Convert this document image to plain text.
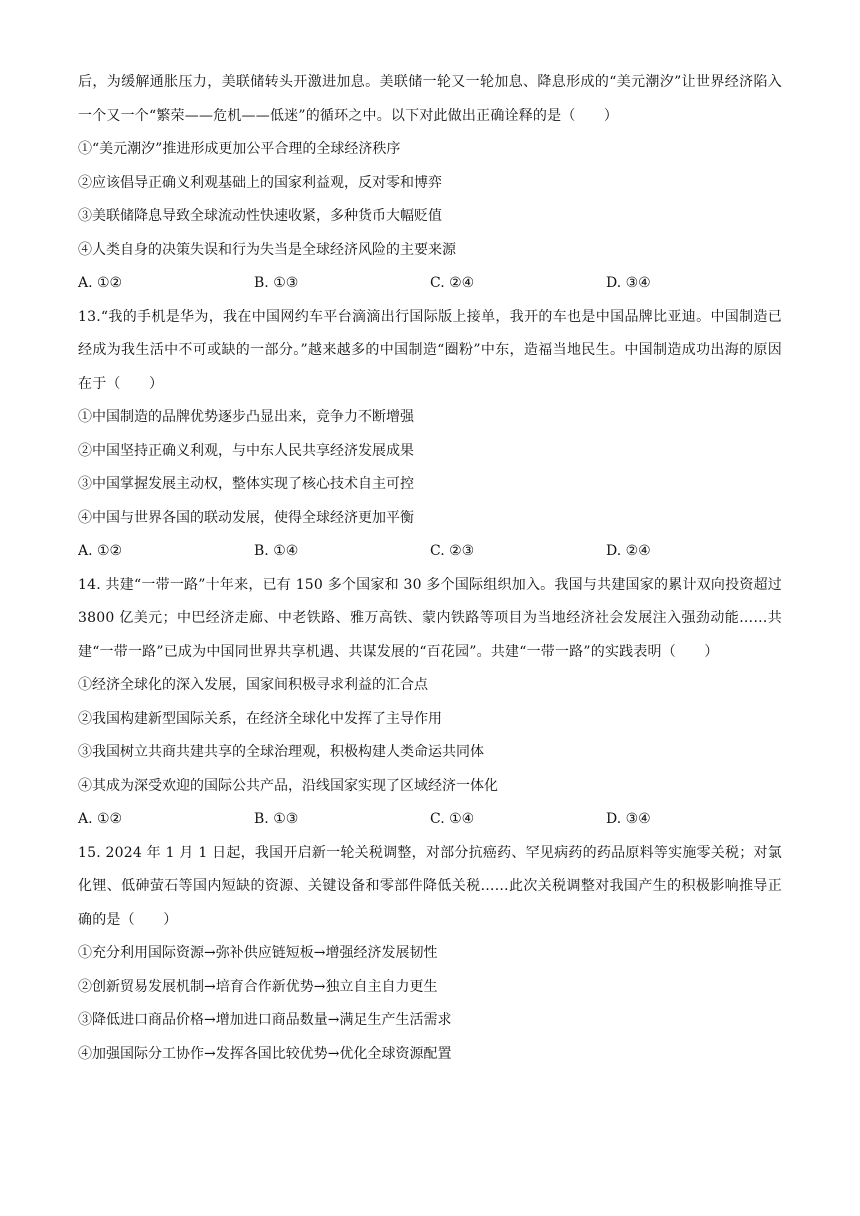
后，为缓解通胀压力，美联储转头开激进加息。美联储一轮又一轮加息、降息形成的“美元潮汐”让世界经济陷入一个又一个“繁荣——危机——低迷”的循环之中。以下对此做出正确诠释的是（　　）

①“美元潮汐”推进形成更加公平合理的全球经济秩序

②应该倡导正确义利观基础上的国家利益观，反对零和博弈

③美联储降息导致全球流动性快速收紧，多种货币大幅贬值

④人类自身的决策失误和行为失当是全球经济风险的主要来源

A. ①②	B. ①③	C. ②④	D. ③④

13.“我的手机是华为，我在中国网约车平台滴滴出行国际版上接单，我开的车也是中国品牌比亚迪。中国制造已经成为我生活中不可或缺的一部分。”越来越多的中国制造“圈粉”中东，造福当地民生。中国制造成功出海的原因在于（　　）

①中国制造的品牌优势逐步凸显出来，竞争力不断增强

②中国坚持正确义利观，与中东人民共享经济发展成果

③中国掌握发展主动权，整体实现了核心技术自主可控

④中国与世界各国的联动发展，使得全球经济更加平衡

A. ①②	B. ①④	C. ②③	D. ②④

14. 共建“一带一路”十年来，已有 150 多个国家和 30 多个国际组织加入。我国与共建国家的累计双向投资超过 3800 亿美元；中巴经济走廊、中老铁路、雅万高铁、蒙内铁路等项目为当地经济社会发展注入强劲动能……共建“一带一路”已成为中国同世界共享机遇、共谋发展的“百花园”。共建“一带一路”的实践表明（　　）

①经济全球化的深入发展，国家间积极寻求利益的汇合点

②我国构建新型国际关系，在经济全球化中发挥了主导作用

③我国树立共商共建共享的全球治理观，积极构建人类命运共同体

④其成为深受欢迎的国际公共产品，沿线国家实现了区域经济一体化

A. ①②	B. ①③	C. ①④	D. ③④

15. 2024 年 1 月 1 日起，我国开启新一轮关税调整，对部分抗癌药、罕见病药的药品原料等实施零关税；对氯化锂、低砷萤石等国内短缺的资源、关键设备和零部件降低关税……此次关税调整对我国产生的积极影响推导正确的是（　　）

①充分利用国际资源→弥补供应链短板→增强经济发展韧性

②创新贸易发展机制→培育合作新优势→独立自主自力更生

③降低进口商品价格→增加进口商品数量→满足生产生活需求

④加强国际分工协作→发挥各国比较优势→优化全球资源配置
